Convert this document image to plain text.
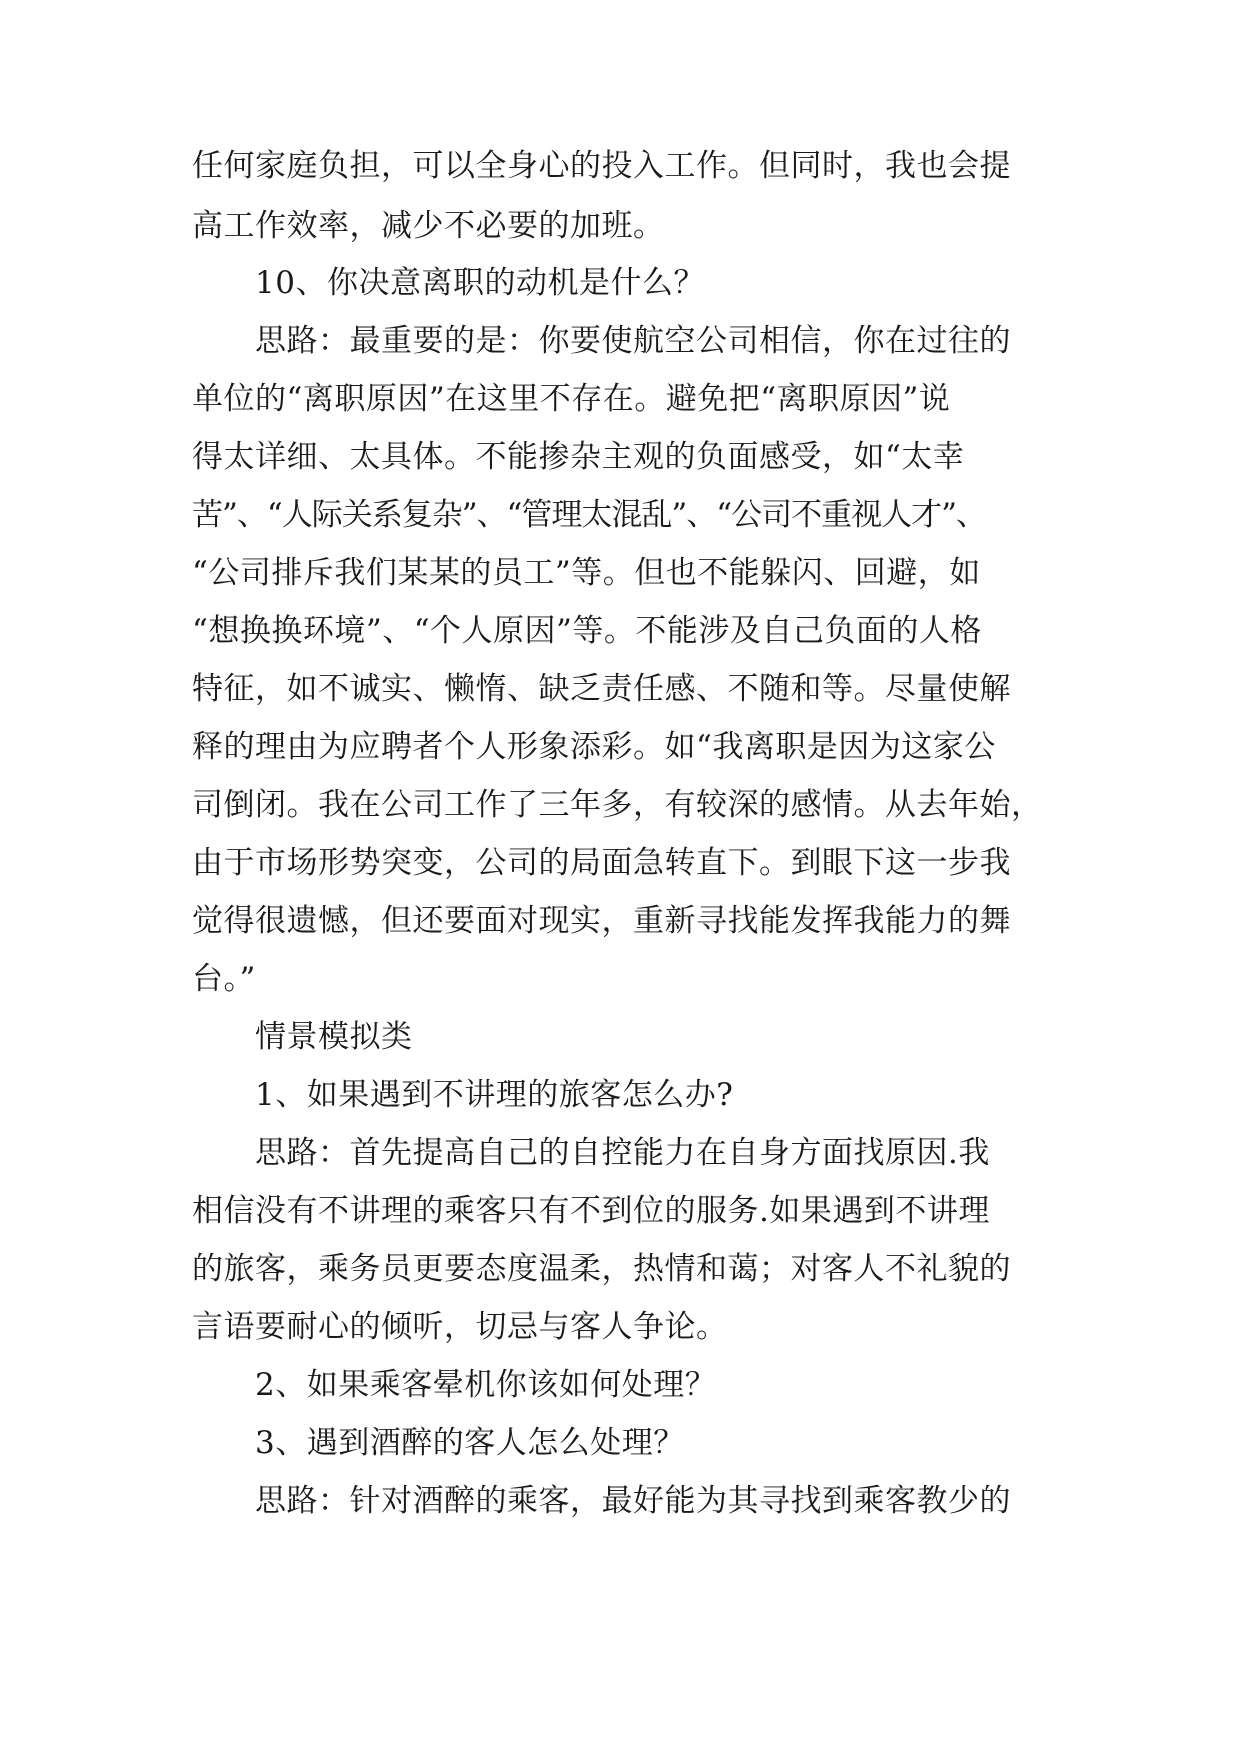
任何家庭负担，可以全身心的投入工作。但同时，我也会提
高工作效率，减少不必要的加班。
10、你决意离职的动机是什么？
思路：最重要的是：你要使航空公司相信，你在过往的
单位的“离职原因”在这里不存在。避免把“离职原因”说
得太详细、太具体。不能掺杂主观的负面感受，如“太幸
苦”、“人际关系复杂”、“管理太混乱”、“公司不重视人才”、
“公司排斥我们某某的员工”等。但也不能躲闪、回避，如
“想换换环境”、“个人原因”等。不能涉及自己负面的人格
特征，如不诚实、懒惰、缺乏责任感、不随和等。尽量使解
释的理由为应聘者个人形象添彩。如“我离职是因为这家公
司倒闭。我在公司工作了三年多，有较深的感情。从去年始，
由于市场形势突变，公司的局面急转直下。到眼下这一步我
觉得很遗憾，但还要面对现实，重新寻找能发挥我能力的舞
台。”
情景模拟类
1、如果遇到不讲理的旅客怎么办?
思路：首先提高自己的自控能力在自身方面找原因.我
相信没有不讲理的乘客只有不到位的服务.如果遇到不讲理
的旅客，乘务员更要态度温柔，热情和蔼；对客人不礼貌的
言语要耐心的倾听，切忌与客人争论。
2、如果乘客晕机你该如何处理？
3、遇到酒醉的客人怎么处理？
思路：针对酒醉的乘客，最好能为其寻找到乘客教少的
